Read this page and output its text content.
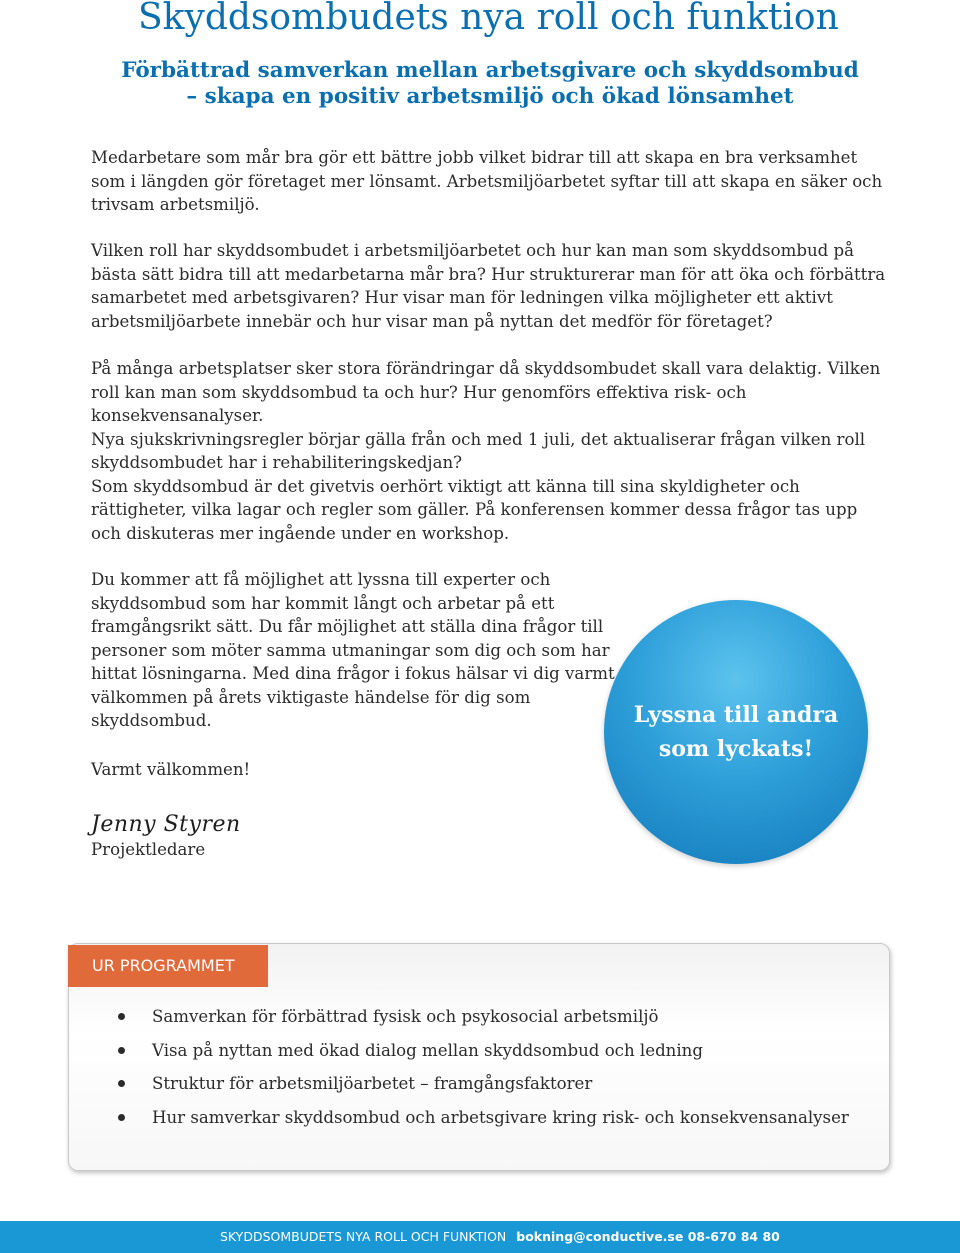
Skyddsombudets nya roll och funktion
Förbättrad samverkan mellan arbetsgivare och skyddsombud
– skapa en positiv arbetsmiljö och ökad lönsamhet

Medarbetare som mår bra gör ett bättre jobb vilket bidrar till att skapa en bra verksamhet som i längden gör företaget mer lönsamt. Arbetsmiljöarbetet syftar till att skapa en säker och trivsam arbetsmiljö.

Vilken roll har skyddsombudet i arbetsmiljöarbetet och hur kan man som skyddsombud på bästa sätt bidra till att medarbetarna mår bra? Hur strukturerar man för att öka och förbättra samarbetet med arbetsgivaren? Hur visar man för ledningen vilka möjligheter ett aktivt arbetsmiljöarbete innebär och hur visar man på nyttan det medför för företaget?

På många arbetsplatser sker stora förändringar då skyddsombudet skall vara delaktig. Vilken roll kan man som skyddsombud ta och hur? Hur genomförs effektiva risk- och konsekvensanalyser.
Nya sjukskrivningsregler börjar gälla från och med 1 juli, det aktualiserar frågan vilken roll skyddsombudet har i rehabiliteringskedjan?
Som skyddsombud är det givetvis oerhört viktigt att känna till sina skyldigheter och rättigheter, vilka lagar och regler som gäller. På konferensen kommer dessa frågor tas upp och diskuteras mer ingående under en workshop.

Du kommer att få möjlighet att lyssna till experter och skyddsombud som har kommit långt och arbetar på ett framgångsrikt sätt. Du får möjlighet att ställa dina frågor till personer som möter samma utmaningar som dig och som har hittat lösningarna. Med dina frågor i fokus hälsar vi dig varmt välkommen på årets viktigaste händelse för dig som skyddsombud.

Varmt välkommen!

Jenny Styren
Projektledare
Lyssna till andra
som lyckats!
UR PROGRAMMET
Samverkan för förbättrad fysisk och psykosocial arbetsmiljö
Visa på nyttan med ökad dialog mellan skyddsombud och ledning
Struktur för arbetsmiljöarbetet – framgångsfaktorer
Hur samverkar skyddsombud och arbetsgivare kring risk- och konsekvensanalyser
SKYDDSOMBUDETS NYA ROLL OCH FUNKTION bokning@conductive.se 08-670 84 80
